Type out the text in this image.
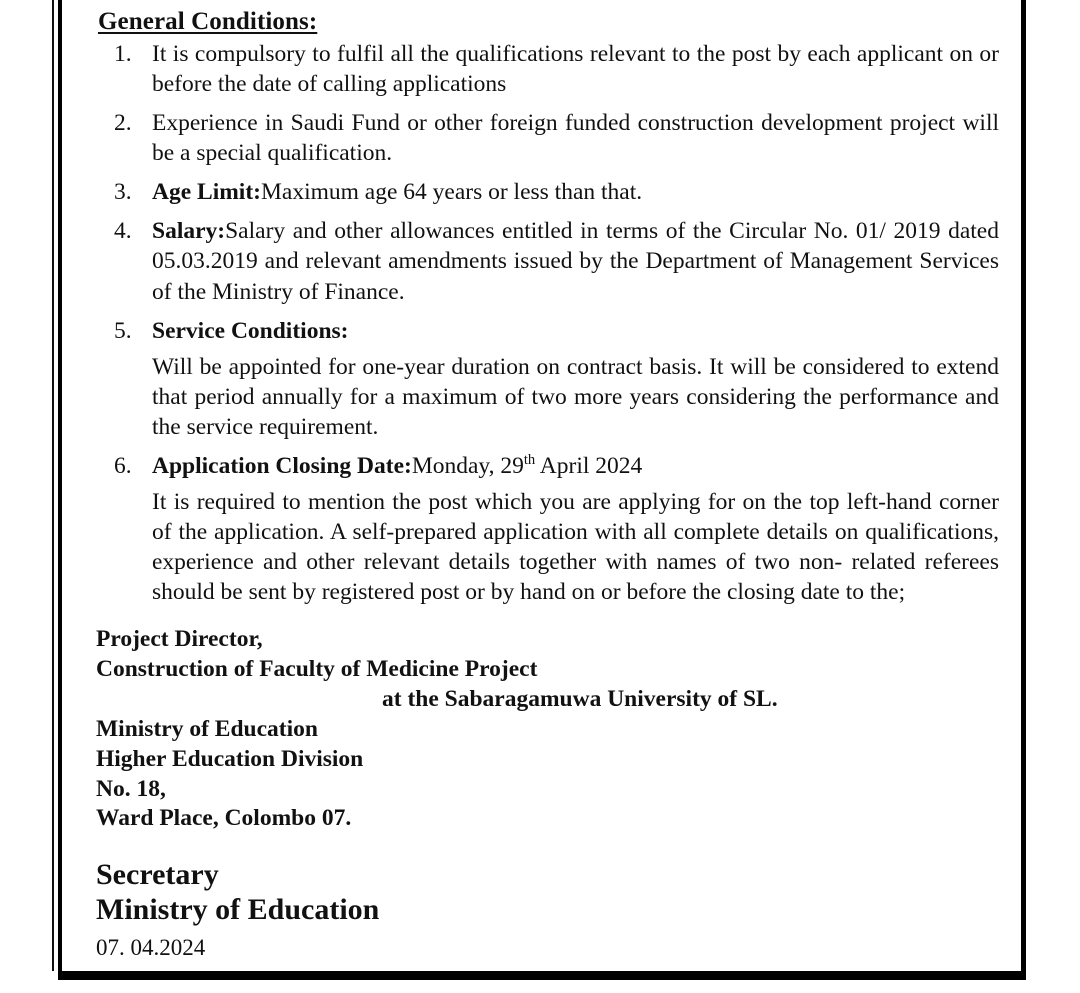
General Conditions:
1. It is compulsory to fulfil all the qualifications relevant to the post by each applicant on or before the date of calling applications
2. Experience in Saudi Fund or other foreign funded construction development project will be a special qualification.
3. Age Limit:Maximum age 64 years or less than that.
4. Salary:Salary and other allowances entitled in terms of the Circular No. 01/ 2019 dated 05.03.2019 and relevant amendments issued by the Department of Management Services of the Ministry of Finance.
5. Service Conditions:
Will be appointed for one-year duration on contract basis. It will be considered to extend that period annually for a maximum of two more years considering the performance and the service requirement.
6. Application Closing Date:Monday, 29th April 2024
It is required to mention the post which you are applying for on the top left-hand corner of the application. A self-prepared application with all complete details on qualifications, experience and other relevant details together with names of two non- related referees should be sent by registered post or by hand on or before the closing date to the;
Project Director,
Construction of Faculty of Medicine Project
at the Sabaragamuwa University of SL.
Ministry of Education
Higher Education Division
No. 18,
Ward Place, Colombo 07.
Secretary
Ministry of Education
07. 04.2024
